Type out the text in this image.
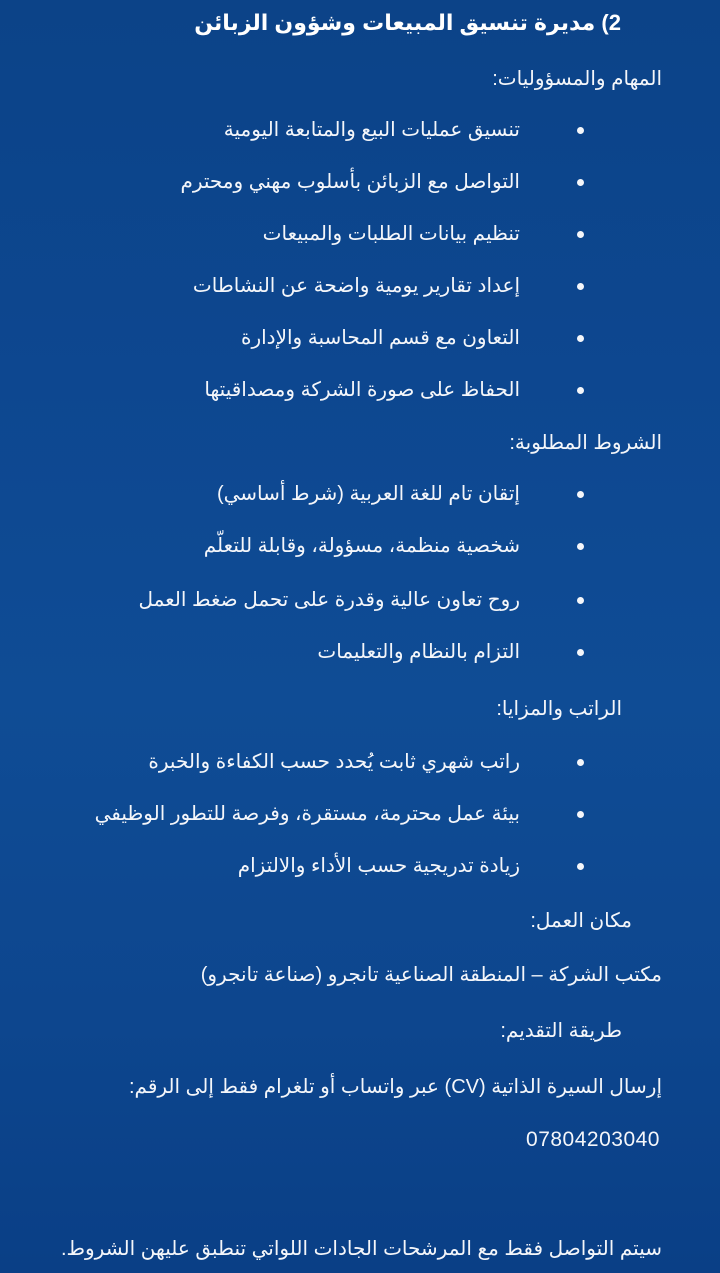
2) مديرة تنسيق المبيعات وشؤون الزبائن
المهام والمسؤوليات:
تنسيق عمليات البيع والمتابعة اليومية
التواصل مع الزبائن بأسلوب مهني ومحترم
تنظيم بيانات الطلبات والمبيعات
إعداد تقارير يومية واضحة عن النشاطات
التعاون مع قسم المحاسبة والإدارة
الحفاظ على صورة الشركة ومصداقيتها
الشروط المطلوبة:
إتقان تام للغة العربية (شرط أساسي)
شخصية منظمة، مسؤولة، وقابلة للتعلّم
روح تعاون عالية وقدرة على تحمل ضغط العمل
التزام بالنظام والتعليمات
الراتب والمزايا:
راتب شهري ثابت يُحدد حسب الكفاءة والخبرة
بيئة عمل محترمة، مستقرة، وفرصة للتطور الوظيفي
زيادة تدريجية حسب الأداء والالتزام
مكان العمل:
مكتب الشركة – المنطقة الصناعية تانجرو (صناعة تانجرو)
طريقة التقديم:
إرسال السيرة الذاتية (CV) عبر واتساب أو تلغرام فقط إلى الرقم:
07804203040
سيتم التواصل فقط مع المرشحات الجادات اللواتي تنطبق عليهن الشروط.
